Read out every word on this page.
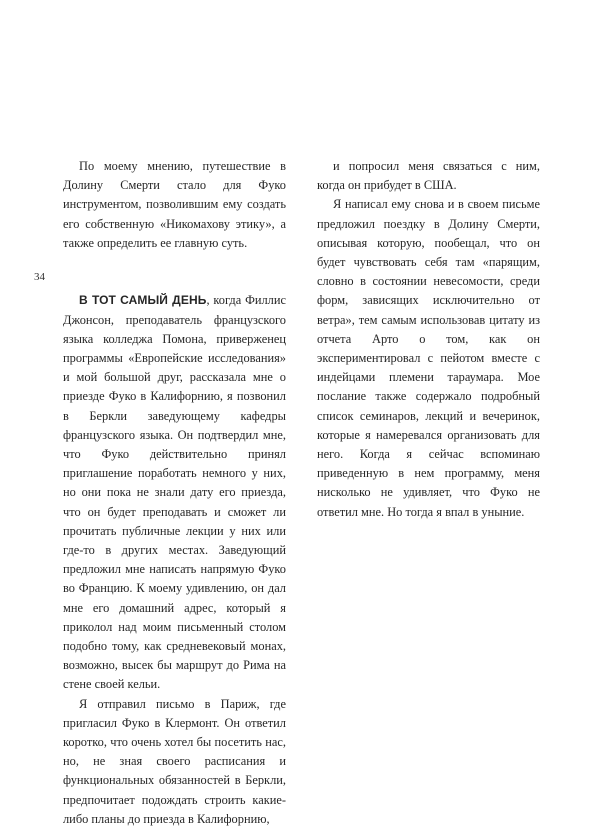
34

По моему мнению, путешествие в Долину Смерти стало для Фуко инструментом, позволившим ему создать его собственную «Никомахову этику», а также определить ее главную суть.

В ТОТ САМЫЙ ДЕНЬ, когда Филлис Джонсон, преподаватель французского языка колледжа Помона, приверженец программы «Европейские исследования» и мой большой друг, рассказала мне о приезде Фуко в Калифорнию, я позвонил в Беркли заведующему кафедры французского языка. Он подтвердил мне, что Фуко действительно принял приглашение поработать немного у них, но они пока не знали дату его приезда, что он будет преподавать и сможет ли прочитать публичные лекции у них или где-то в других местах. Заведующий предложил мне написать напрямую Фуко во Францию. К моему удивлению, он дал мне его домашний адрес, который я приколол над моим письменный столом подобно тому, как средневековый монах, возможно, высек бы маршрут до Рима на стене своей кельи.

Я отправил письмо в Париж, где пригласил Фуко в Клермонт. Он ответил коротко, что очень хотел бы посетить нас, но, не зная своего расписания и функциональных обязанностей в Беркли, предпочитает подождать строить какие-либо планы до приезда в Калифорнию,

и попросил меня связаться с ним, когда он прибудет в США.

Я написал ему снова и в своем письме предложил поездку в Долину Смерти, описывая которую, пообещал, что он будет чувствовать себя там «парящим, словно в состоянии невесомости, среди форм, зависящих исключительно от ветра», тем самым использовав цитату из отчета Арто о том, как он экспериментировал с пейотом вместе с индейцами племени тараумара. Мое послание также содержало подробный список семинаров, лекций и вечеринок, которые я намеревался организовать для него. Когда я сейчас вспоминаю приведенную в нем программу, меня нисколько не удивляет, что Фуко не ответил мне. Но тогда я впал в уныние.
